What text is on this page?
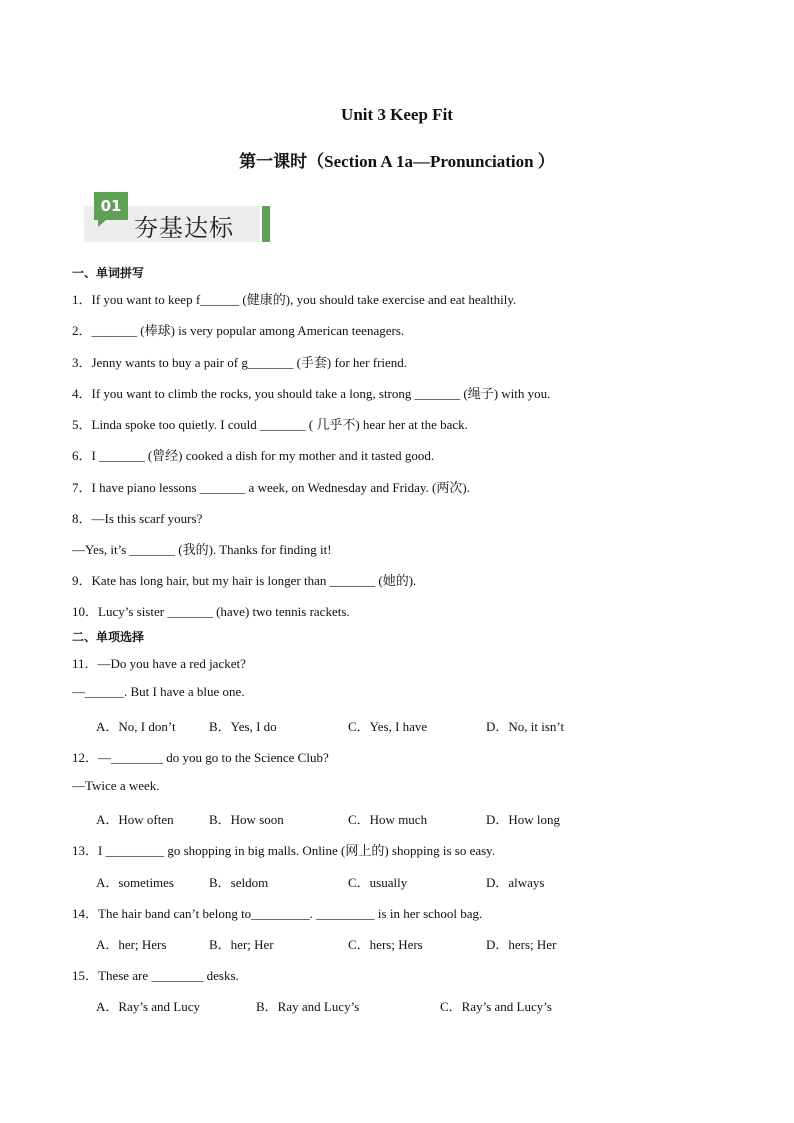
Unit 3 Keep Fit
第一课时（Section A 1a—Pronunciation ）
01
夯基达标
一、单词拼写
1．If you want to keep f______ (健康的), you should take exercise and eat healthily.
2．_______ (棒球) is very popular among American teenagers.
3．Jenny wants to buy a pair of g_______ (手套) for her friend.
4．If you want to climb the rocks, you should take a long, strong _______ (绳子) with you.
5．Linda spoke too quietly. I could _______ ( 几乎不) hear her at the back.
6．I _______ (曾经) cooked a dish for my mother and it tasted good.
7．I have piano lessons _______ a week, on Wednesday and Friday. (两次).
8．—Is this scarf yours?
—Yes, it’s _______ (我的). Thanks for finding it!
9．Kate has long hair, but my hair is longer than _______ (她的).
10．Lucy’s sister _______ (have) two tennis rackets.
二、单项选择
11．—Do you have a red jacket?
—______. But I have a blue one.
A．No, I don’t	B．Yes, I do	C．Yes, I have	D．No, it isn’t
12．—________ do you go to the Science Club?
—Twice a week.
A．How often	B．How soon	C．How much	D．How long
13．I _________ go shopping in big malls. Online (网上的) shopping is so easy.
A．sometimes	B．seldom	C．usually	D．always
14．The hair band can’t belong to_________. _________ is in her school bag.
A．her; Hers	B．her; Her	C．hers; Hers	D．hers; Her
15．These are ________ desks.
A．Ray’s and Lucy	B．Ray and Lucy’s	C．Ray’s and Lucy’s
